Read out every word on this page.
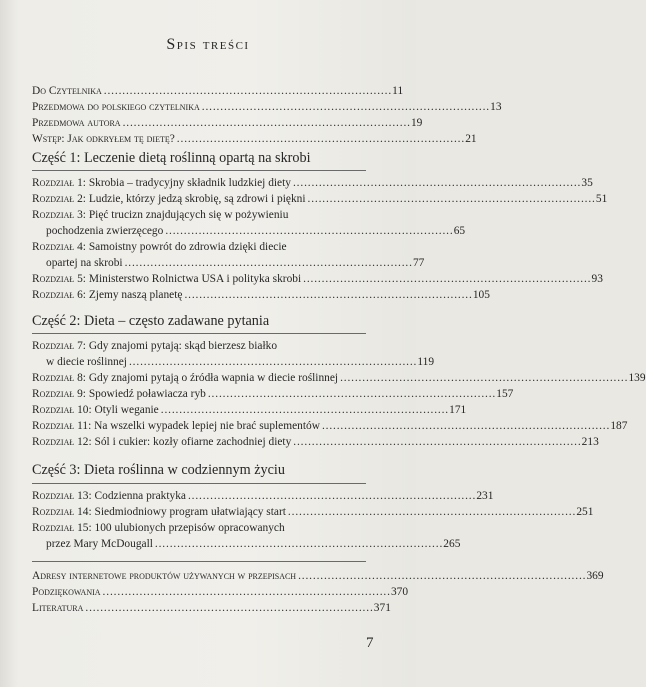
Spis treści
Do Czytelnika . . .	11
Przedmowa do polskiego czytelnika . . .	13
Przedmowa autora . . .	19
Wstęp: Jak odkryłem tę dietę? . . .	21
Część 1: Leczenie dietą roślinną opartą na skrobi
Rozdział 1: Skrobia – tradycyjny składnik ludzkiej diety . . .	35
Rozdział 2: Ludzie, którzy jedzą skrobię, są zdrowi i piękni . . .	51
Rozdział 3: Pięć trucizn znajdujących się w pożywieniu
pochodzenia zwierzęcego . . .	65
Rozdział 4: Samoistny powrót do zdrowia dzięki diecie
opartej na skrobi . . .	77
Rozdział 5: Ministerstwo Rolnictwa USA i polityka skrobi . . .	93
Rozdział 6: Zjemy naszą planetę . . .	105
Część 2: Dieta – często zadawane pytania
Rozdział 7: Gdy znajomi pytają: skąd bierzesz białko
w diecie roślinnej . . .	119
Rozdział 8: Gdy znajomi pytają o źródła wapnia w diecie roślinnej . . .	139
Rozdział 9: Spowiedź poławiacza ryb . . .	157
Rozdział 10: Otyli weganie . . .	171
Rozdział 11: Na wszelki wypadek lepiej nie brać suplementów . . .	187
Rozdział 12: Sól i cukier: kozły ofiarne zachodniej diety . . .	213
Część 3: Dieta roślinna w codziennym życiu
Rozdział 13: Codzienna praktyka . . .	231
Rozdział 14: Siedmiodniowy program ułatwiający start . . .	251
Rozdział 15: 100 ulubionych przepisów opracowanych
przez Mary McDougall . . .	265
Adresy internetowe produktów używanych w przepisach . . .	369
Podziękowania . . .	370
Literatura . . .	371
7
